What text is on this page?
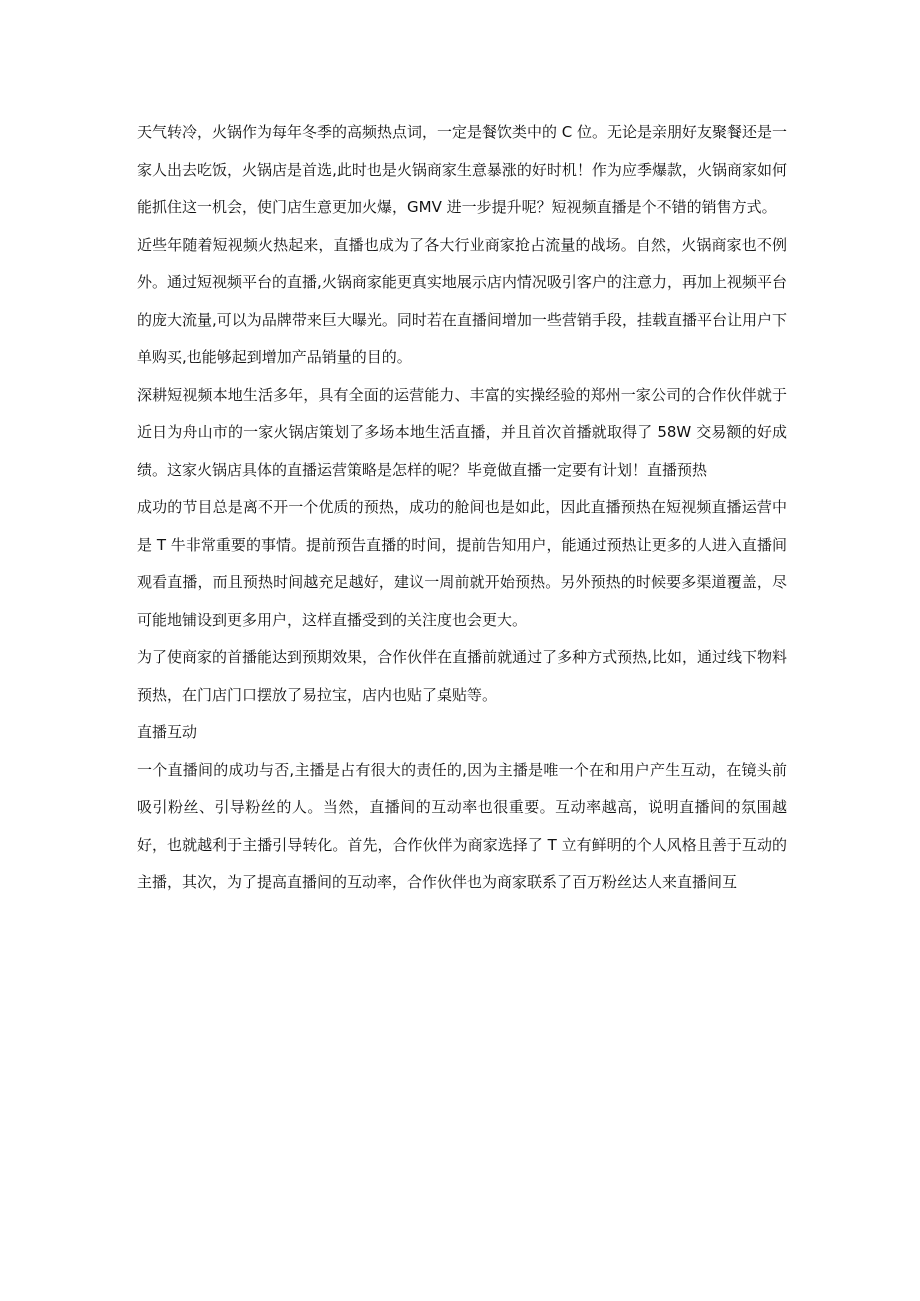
天气转冷，火锅作为每年冬季的高频热点词，一定是餐饮类中的 C 位。无论是亲朋好友聚餐还是一家人出去吃饭，火锅店是首选,此时也是火锅商家生意暴涨的好时机！作为应季爆款，火锅商家如何能抓住这一机会，使门店生意更加火爆，GMV 进一步提升呢？短视频直播是个不错的销售方式。

近些年随着短视频火热起来，直播也成为了各大行业商家抢占流量的战场。自然，火锅商家也不例外。通过短视频平台的直播,火锅商家能更真实地展示店内情况吸引客户的注意力，再加上视频平台的庞大流量,可以为品牌带来巨大曝光。同时若在直播间增加一些营销手段，挂载直播平台让用户下单购买,也能够起到增加产品销量的目的。

深耕短视频本地生活多年，具有全面的运营能力、丰富的实操经验的郑州一家公司的合作伙伴就于近日为舟山市的一家火锅店策划了多场本地生活直播，并且首次首播就取得了 58W 交易额的好成绩。这家火锅店具体的直播运营策略是怎样的呢？毕竟做直播一定要有计划！直播预热

成功的节目总是离不开一个优质的预热，成功的舱间也是如此，因此直播预热在短视频直播运营中是 T 牛非常重要的事情。提前预告直播的时间，提前告知用户，能通过预热让更多的人进入直播间观看直播，而且预热时间越充足越好，建议一周前就开始预热。另外预热的时候要多渠道覆盖，尽可能地铺设到更多用户，这样直播受到的关注度也会更大。

为了使商家的首播能达到预期效果，合作伙伴在直播前就通过了多种方式预热,比如，通过线下物料预热，在门店门口摆放了易拉宝，店内也贴了桌贴等。

直播互动

一个直播间的成功与否,主播是占有很大的责任的,因为主播是唯一个在和用户产生互动，在镜头前吸引粉丝、引导粉丝的人。当然，直播间的互动率也很重要。互动率越高，说明直播间的氛围越好，也就越利于主播引导转化。首先，合作伙伴为商家选择了 T 立有鲜明的个人风格且善于互动的主播，其次，为了提高直播间的互动率，合作伙伴也为商家联系了百万粉丝达人来直播间互
